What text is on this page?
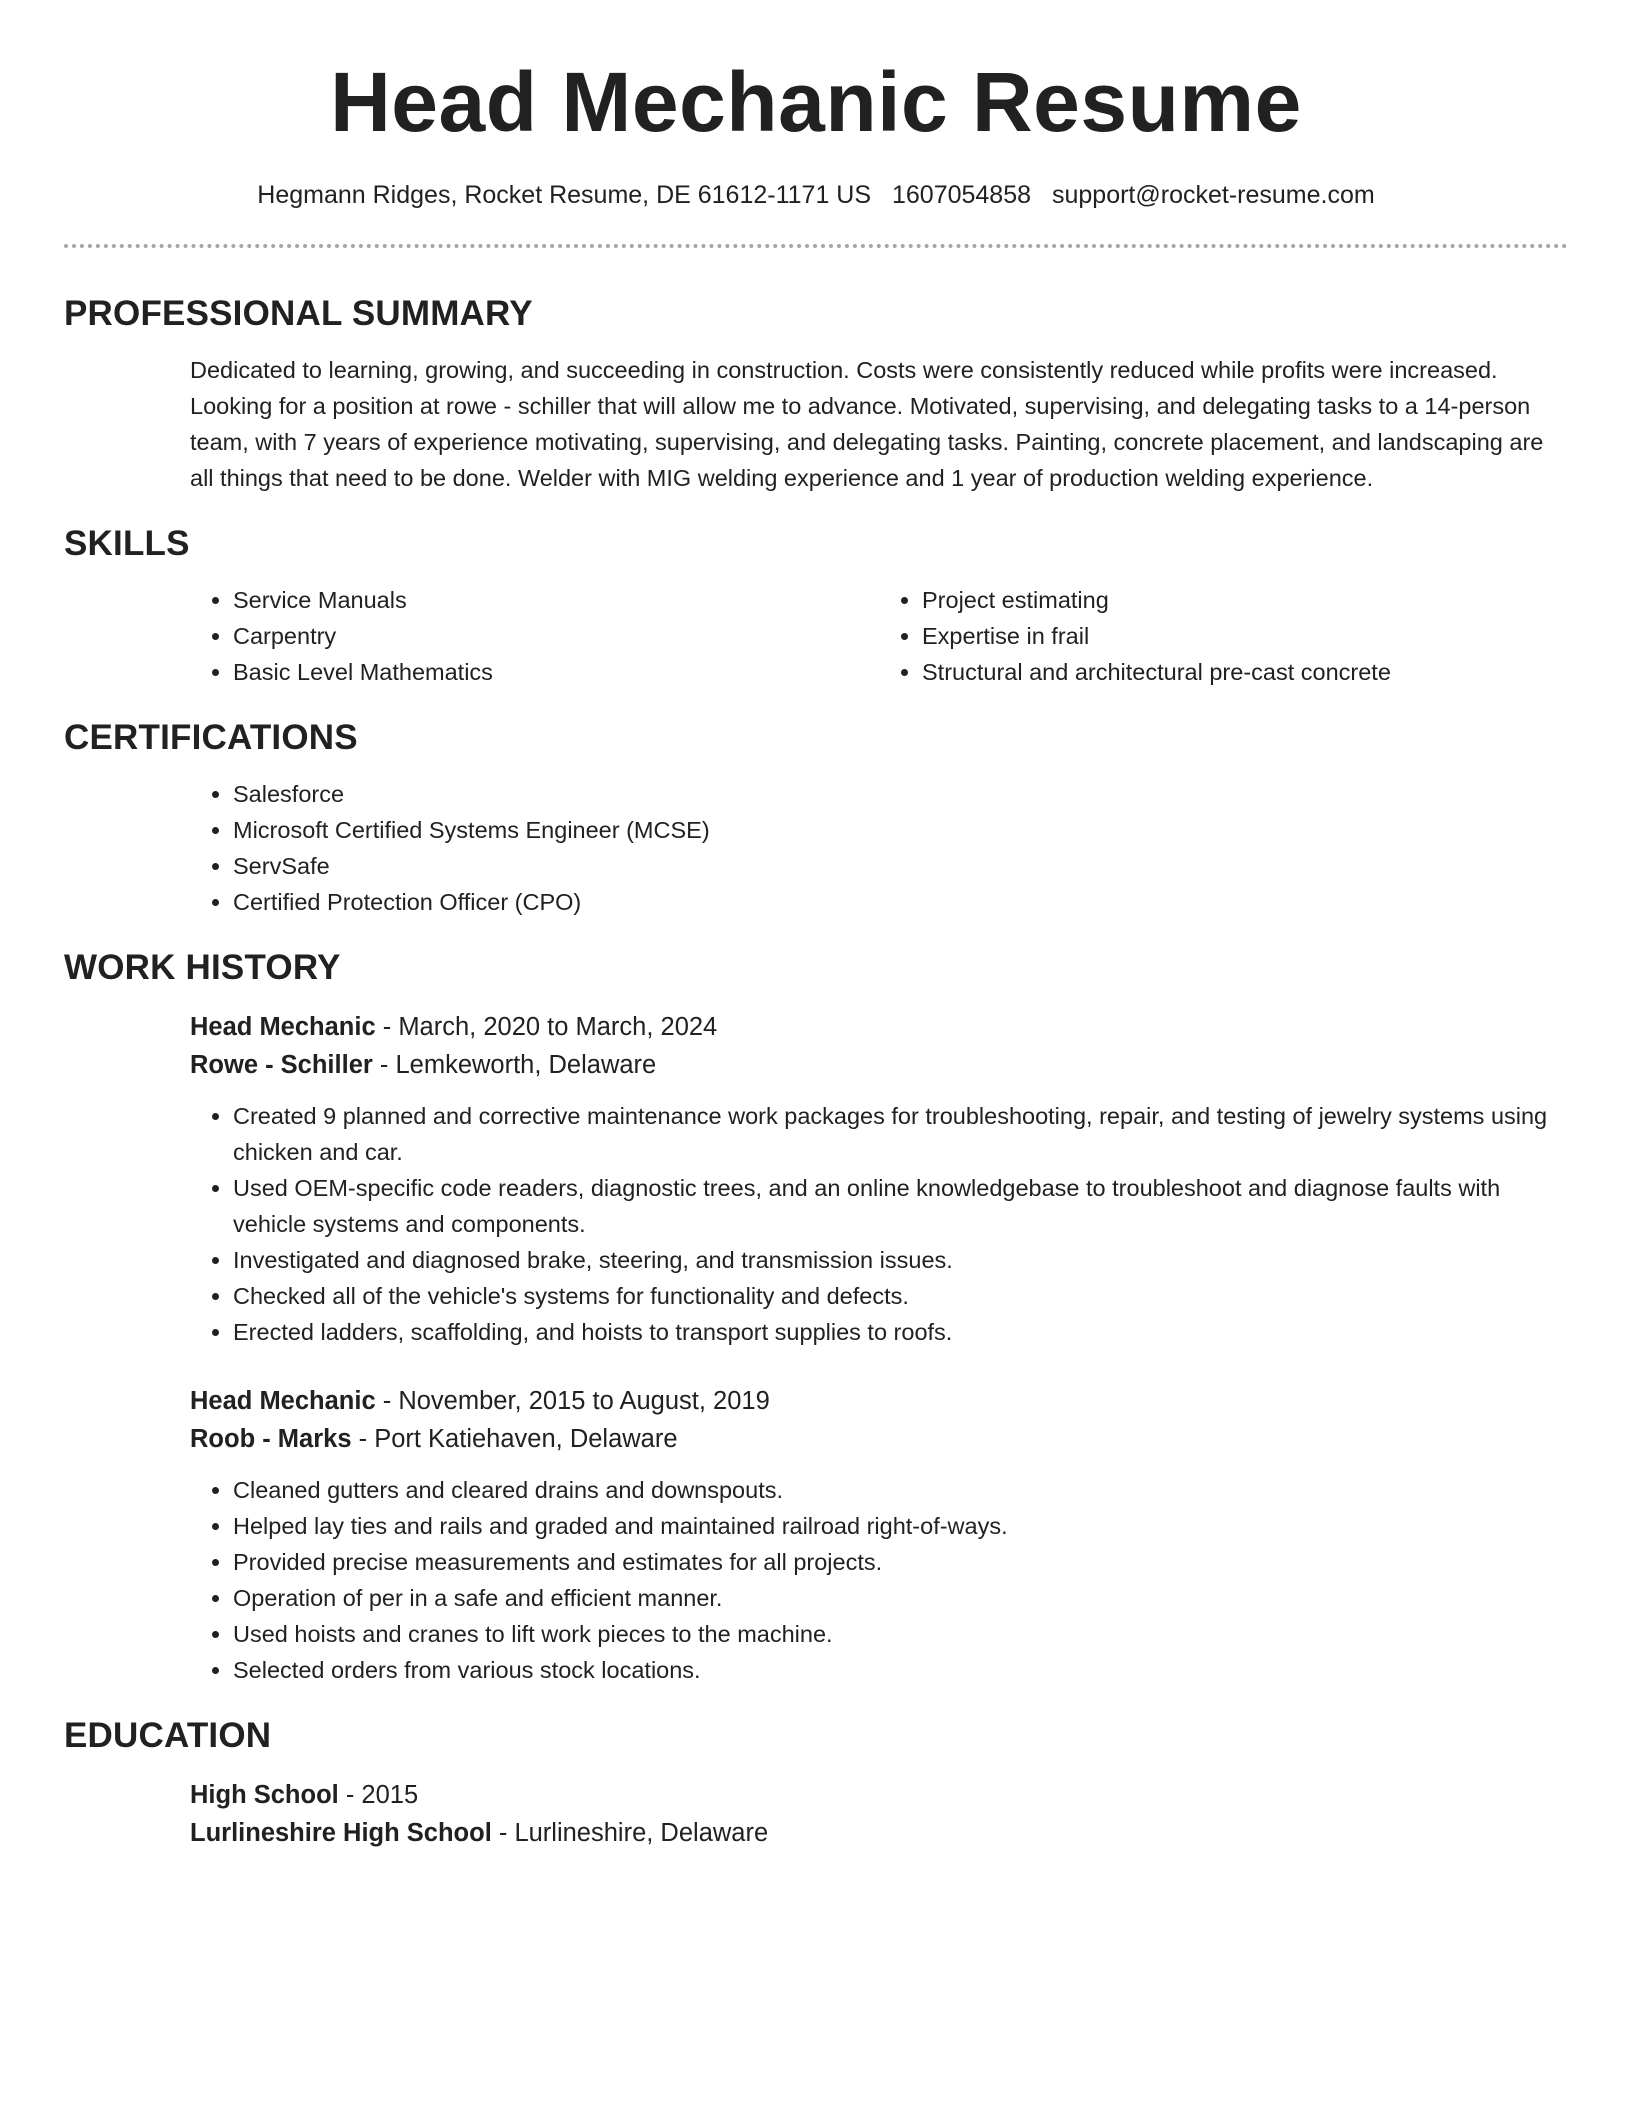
Head Mechanic Resume
Hegmann Ridges, Rocket Resume, DE 61612-1171 US 1607054858 support@rocket-resume.com
PROFESSIONAL SUMMARY

Dedicated to learning, growing, and succeeding in construction. Costs were consistently reduced while profits were increased. Looking for a position at rowe - schiller that will allow me to advance. Motivated, supervising, and delegating tasks to a 14-person team, with 7 years of experience motivating, supervising, and delegating tasks. Painting, concrete placement, and landscaping are all things that need to be done. Welder with MIG welding experience and 1 year of production welding experience.

SKILLS
• Service Manuals
• Carpentry
• Basic Level Mathematics
• Project estimating
• Expertise in frail
• Structural and architectural pre-cast concrete
CERTIFICATIONS
• Salesforce
• Microsoft Certified Systems Engineer (MCSE)
• ServSafe
• Certified Protection Officer (CPO)
WORK HISTORY
Head Mechanic - March, 2020 to March, 2024
Rowe - Schiller - Lemkeworth, Delaware
• Created 9 planned and corrective maintenance work packages for troubleshooting, repair, and testing of jewelry systems using chicken and car.
• Used OEM-specific code readers, diagnostic trees, and an online knowledgebase to troubleshoot and diagnose faults with vehicle systems and components.
• Investigated and diagnosed brake, steering, and transmission issues.
• Checked all of the vehicle's systems for functionality and defects.
• Erected ladders, scaffolding, and hoists to transport supplies to roofs.
Head Mechanic - November, 2015 to August, 2019
Roob - Marks - Port Katiehaven, Delaware
• Cleaned gutters and cleared drains and downspouts.
• Helped lay ties and rails and graded and maintained railroad right-of-ways.
• Provided precise measurements and estimates for all projects.
• Operation of per in a safe and efficient manner.
• Used hoists and cranes to lift work pieces to the machine.
• Selected orders from various stock locations.
EDUCATION
High School - 2015
Lurlineshire High School - Lurlineshire, Delaware
